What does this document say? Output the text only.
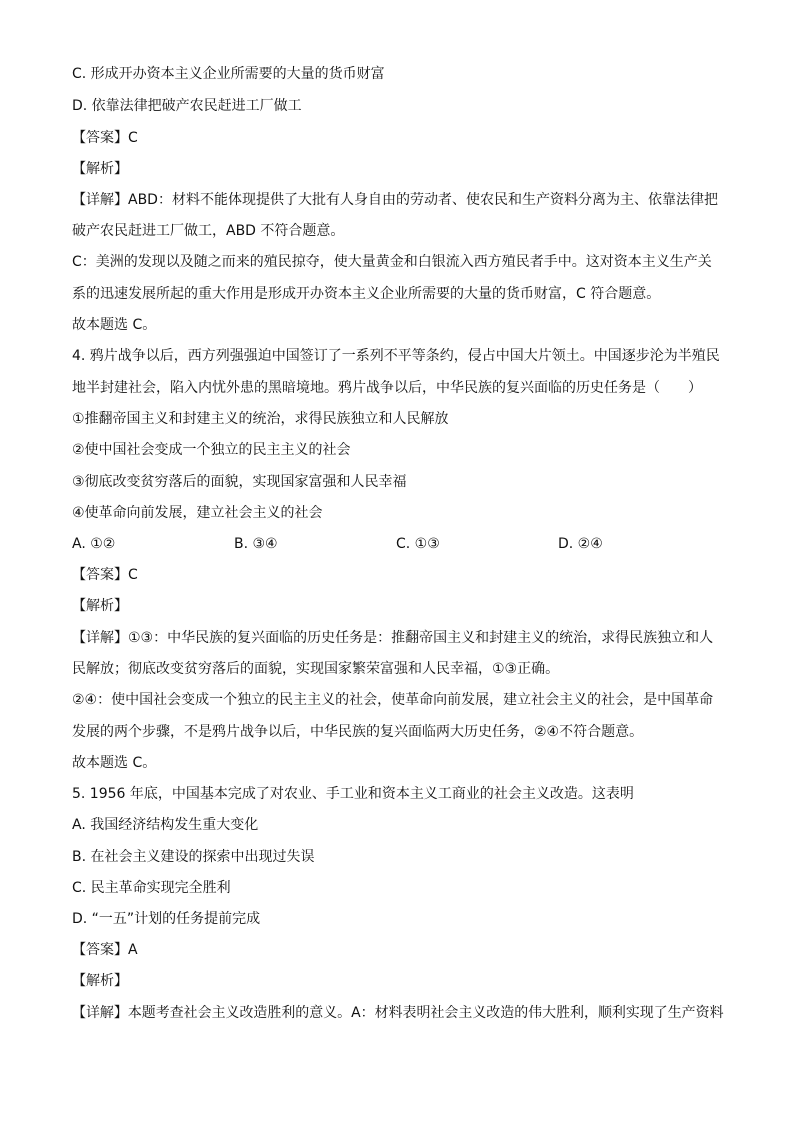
C. 形成开办资本主义企业所需要的大量的货币财富
D. 依靠法律把破产农民赶进工厂做工
【答案】C
【解析】
【详解】ABD：材料不能体现提供了大批有人身自由的劳动者、使农民和生产资料分离为主、依靠法律把
破产农民赶进工厂做工，ABD 不符合题意。
C：美洲的发现以及随之而来的殖民掠夺，使大量黄金和白银流入西方殖民者手中。这对资本主义生产关
系的迅速发展所起的重大作用是形成开办资本主义企业所需要的大量的货币财富，C 符合题意。
故本题选 C。
4. 鸦片战争以后，西方列强强迫中国签订了一系列不平等条约，侵占中国大片领土。中国逐步沦为半殖民
地半封建社会，陷入内忧外患的黑暗境地。鸦片战争以后，中华民族的复兴面临的历史任务是（　　）
①推翻帝国主义和封建主义的统治，求得民族独立和人民解放
②使中国社会变成一个独立的民主主义的社会
③彻底改变贫穷落后的面貌，实现国家富强和人民幸福
④使革命向前发展，建立社会主义的社会
A. ①②	B. ③④	C. ①③	D. ②④
【答案】C
【解析】
【详解】①③：中华民族的复兴面临的历史任务是：推翻帝国主义和封建主义的统治，求得民族独立和人
民解放；彻底改变贫穷落后的面貌，实现国家繁荣富强和人民幸福，①③正确。
②④：使中国社会变成一个独立的民主主义的社会，使革命向前发展，建立社会主义的社会，是中国革命
发展的两个步骤，不是鸦片战争以后，中华民族的复兴面临两大历史任务，②④不符合题意。
故本题选 C。
5. 1956 年底，中国基本完成了对农业、手工业和资本主义工商业的社会主义改造。这表明
A. 我国经济结构发生重大变化
B. 在社会主义建设的探索中出现过失误
C. 民主革命实现完全胜利
D. “一五”计划的任务提前完成
【答案】A
【解析】
【详解】本题考查社会主义改造胜利的意义。A：材料表明社会主义改造的伟大胜利，顺利实现了生产资料
